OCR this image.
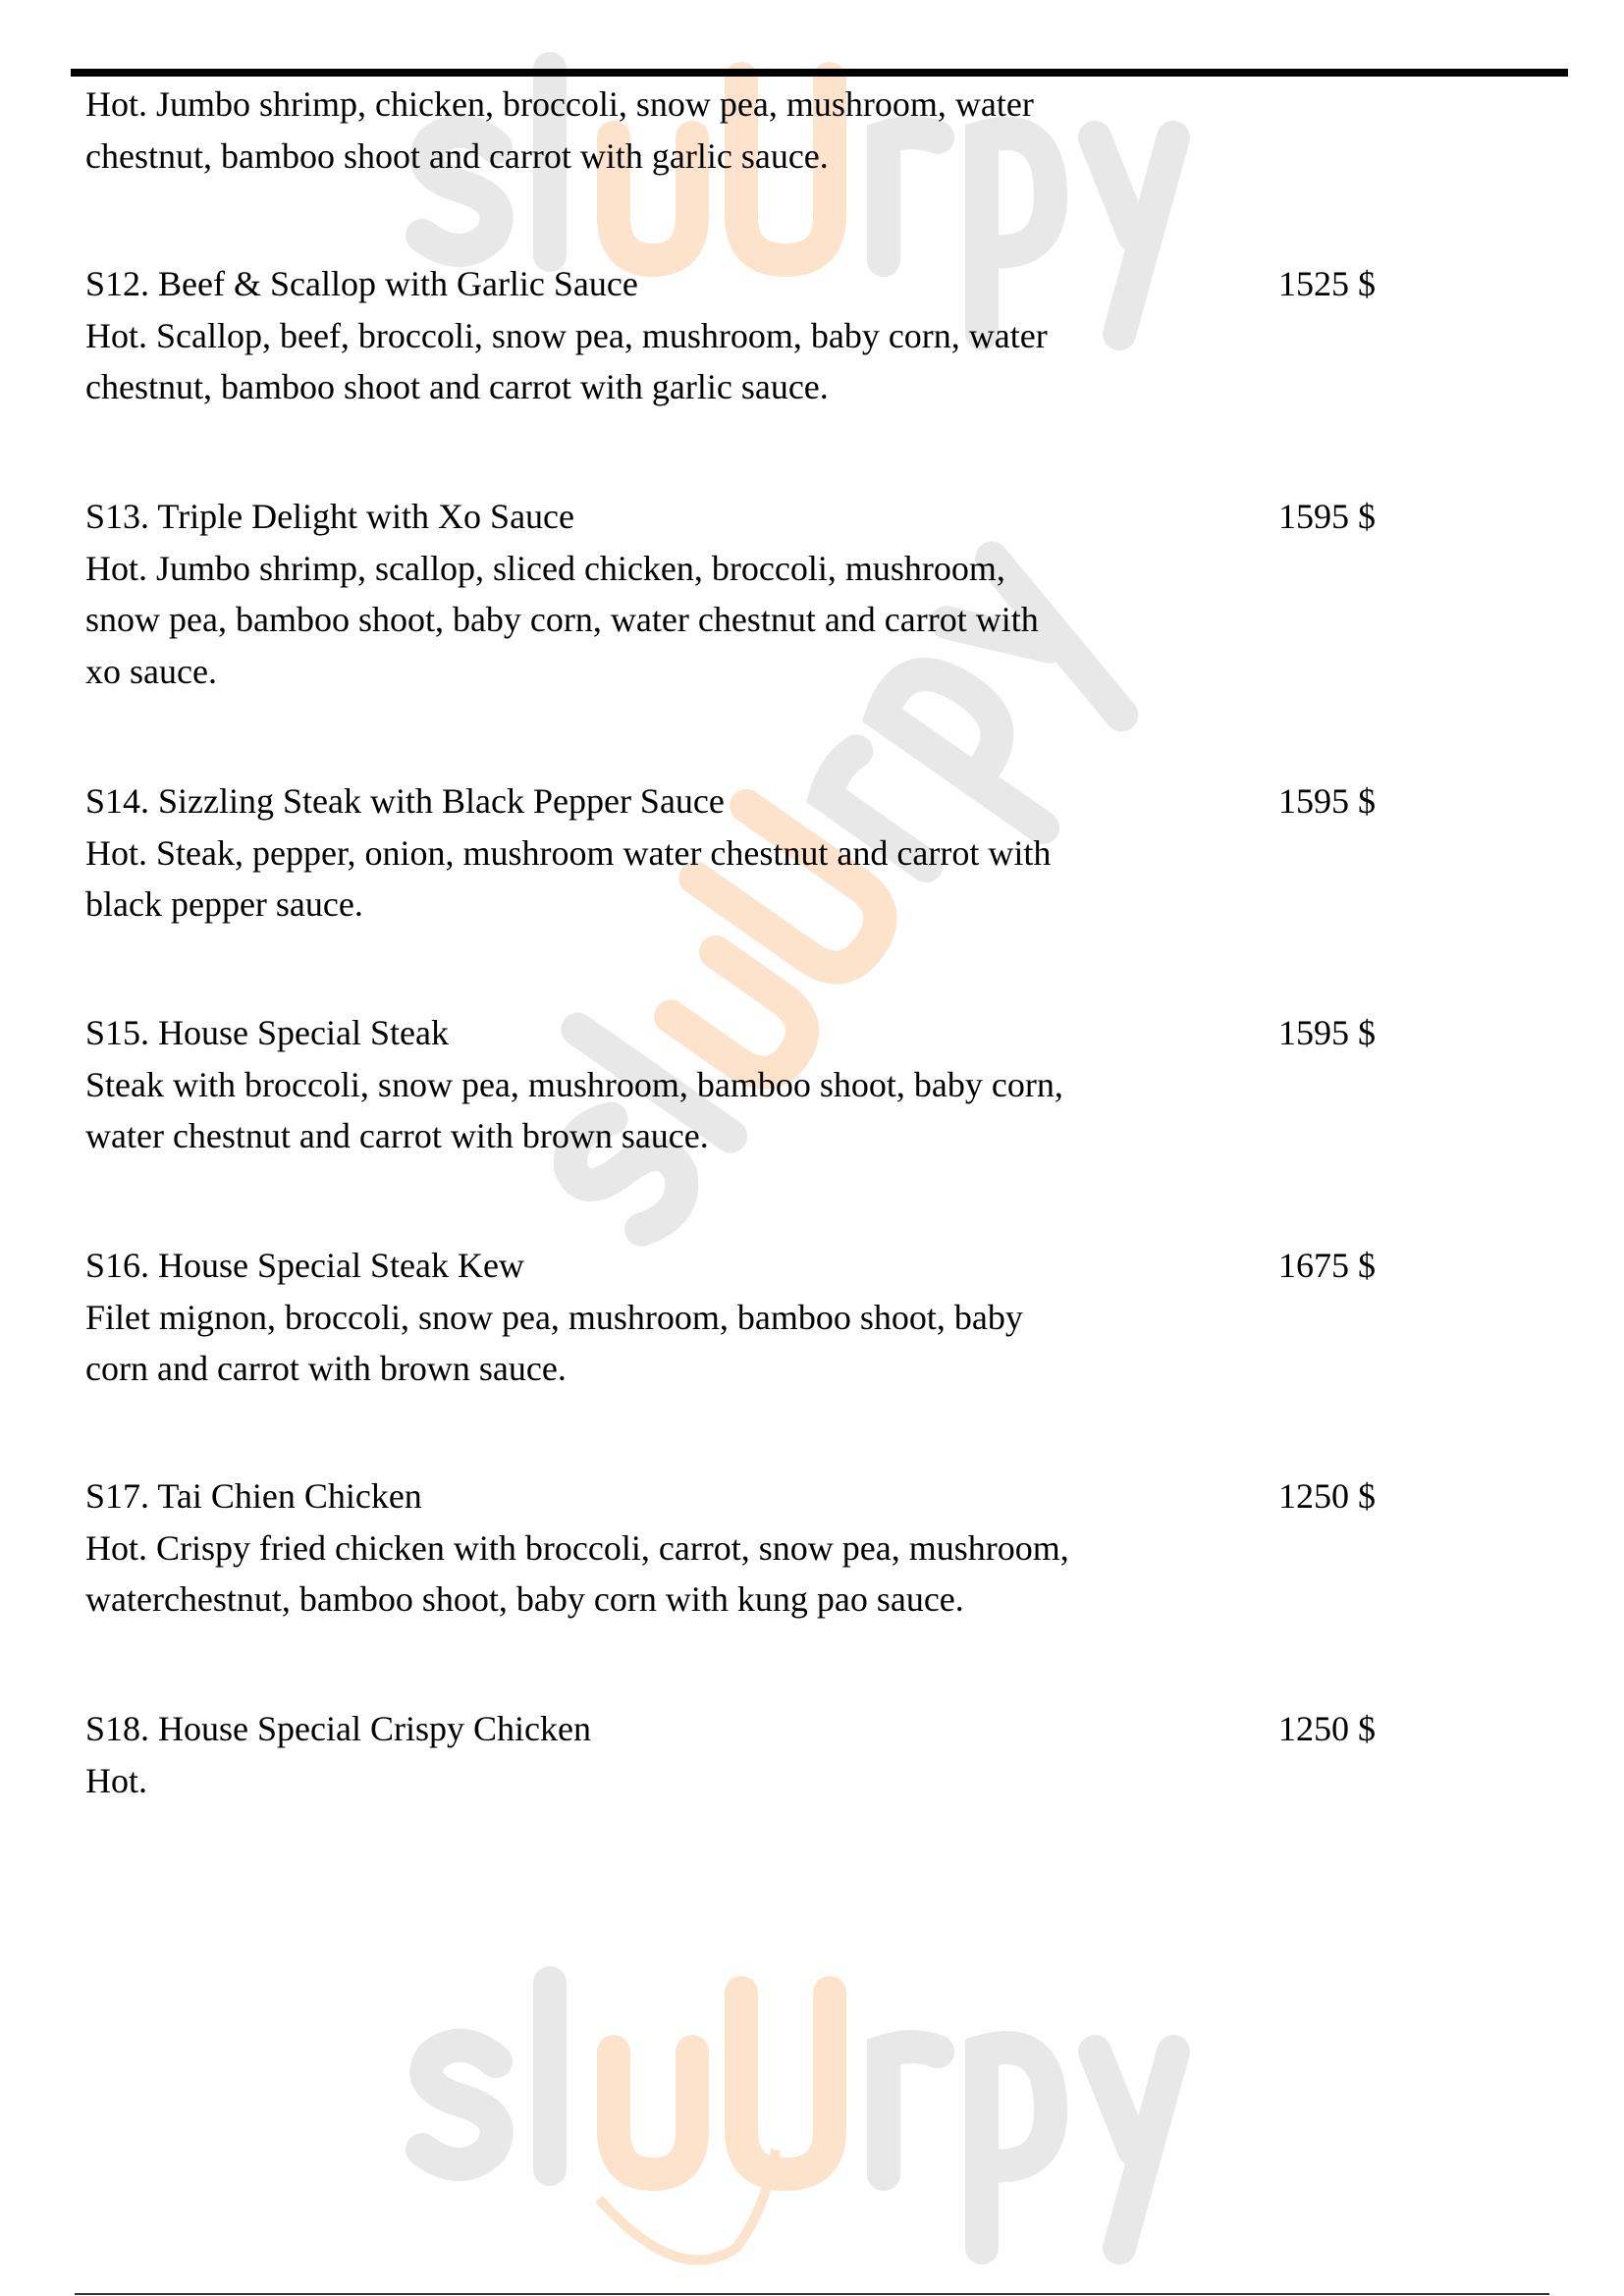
Hot. Jumbo shrimp, chicken, broccoli, snow pea, mushroom, water
chestnut, bamboo shoot and carrot with garlic sauce.
S12. Beef & Scallop with Garlic Sauce	1525 $
Hot. Scallop, beef, broccoli, snow pea, mushroom, baby corn, water
chestnut, bamboo shoot and carrot with garlic sauce.
S13. Triple Delight with Xo Sauce	1595 $
Hot. Jumbo shrimp, scallop, sliced chicken, broccoli, mushroom,
snow pea, bamboo shoot, baby corn, water chestnut and carrot with
xo sauce.
S14. Sizzling Steak with Black Pepper Sauce	1595 $
Hot. Steak, pepper, onion, mushroom water chestnut and carrot with
black pepper sauce.
S15. House Special Steak	1595 $
Steak with broccoli, snow pea, mushroom, bamboo shoot, baby corn,
water chestnut and carrot with brown sauce.
S16. House Special Steak Kew	1675 $
Filet mignon, broccoli, snow pea, mushroom, bamboo shoot, baby
corn and carrot with brown sauce.
S17. Tai Chien Chicken	1250 $
Hot. Crispy fried chicken with broccoli, carrot, snow pea, mushroom,
waterchestnut, bamboo shoot, baby corn with kung pao sauce.
S18. House Special Crispy Chicken	1250 $
Hot.
